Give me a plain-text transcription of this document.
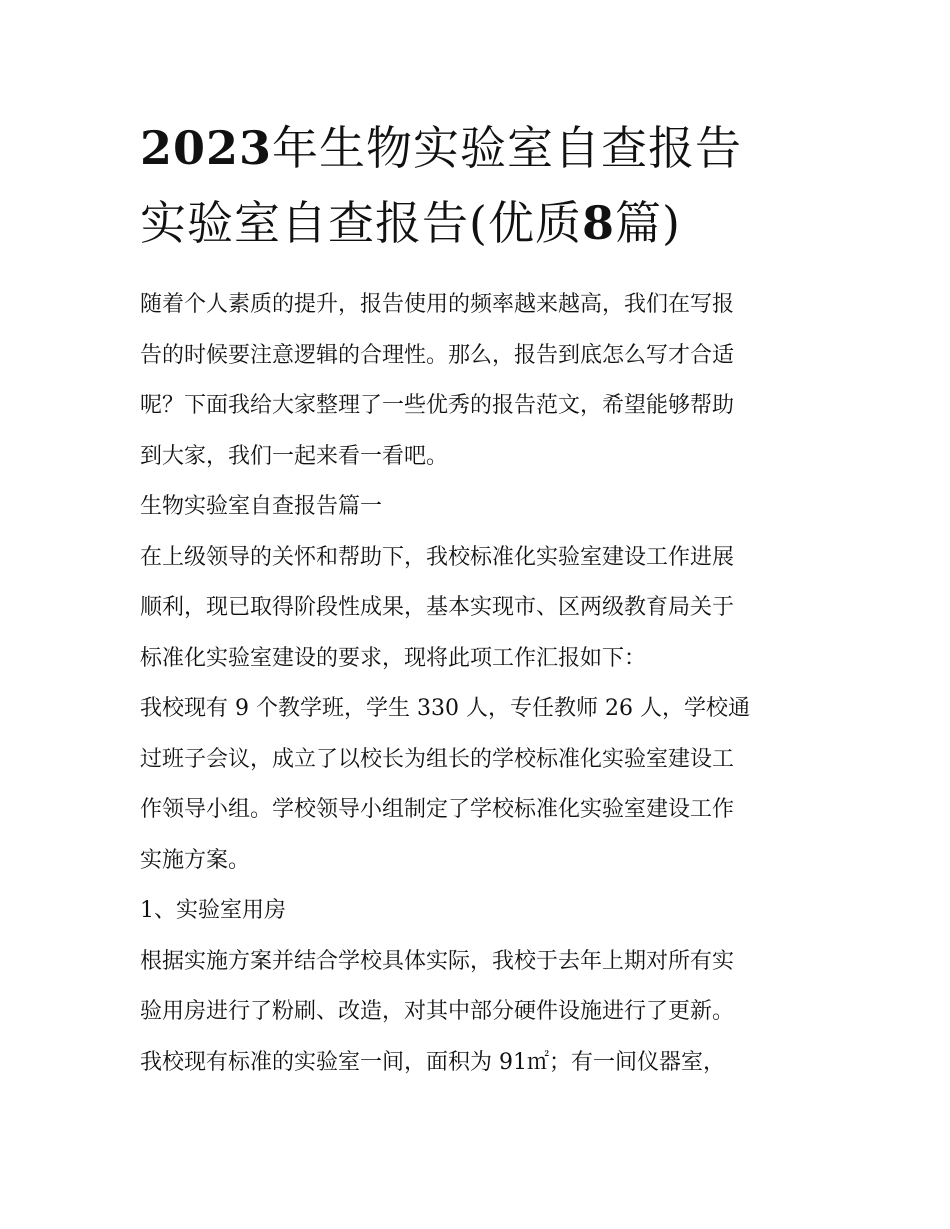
2023年生物实验室自查报告
实验室自查报告(优质8篇)

随着个人素质的提升，报告使用的频率越来越高，我们在写报
告的时候要注意逻辑的合理性。那么，报告到底怎么写才合适
呢？下面我给大家整理了一些优秀的报告范文，希望能够帮助
到大家，我们一起来看一看吧。

生物实验室自查报告篇一

在上级领导的关怀和帮助下，我校标准化实验室建设工作进展
顺利，现已取得阶段性成果，基本实现市、区两级教育局关于
标准化实验室建设的要求，现将此项工作汇报如下：

我校现有 9 个教学班，学生 330 人，专任教师 26 人，学校通
过班子会议，成立了以校长为组长的学校标准化实验室建设工
作领导小组。学校领导小组制定了学校标准化实验室建设工作
实施方案。

1、实验室用房

根据实施方案并结合学校具体实际，我校于去年上期对所有实
验用房进行了粉刷、改造，对其中部分硬件设施进行了更新。
我校现有标准的实验室一间，面积为 91㎡；有一间仪器室，
